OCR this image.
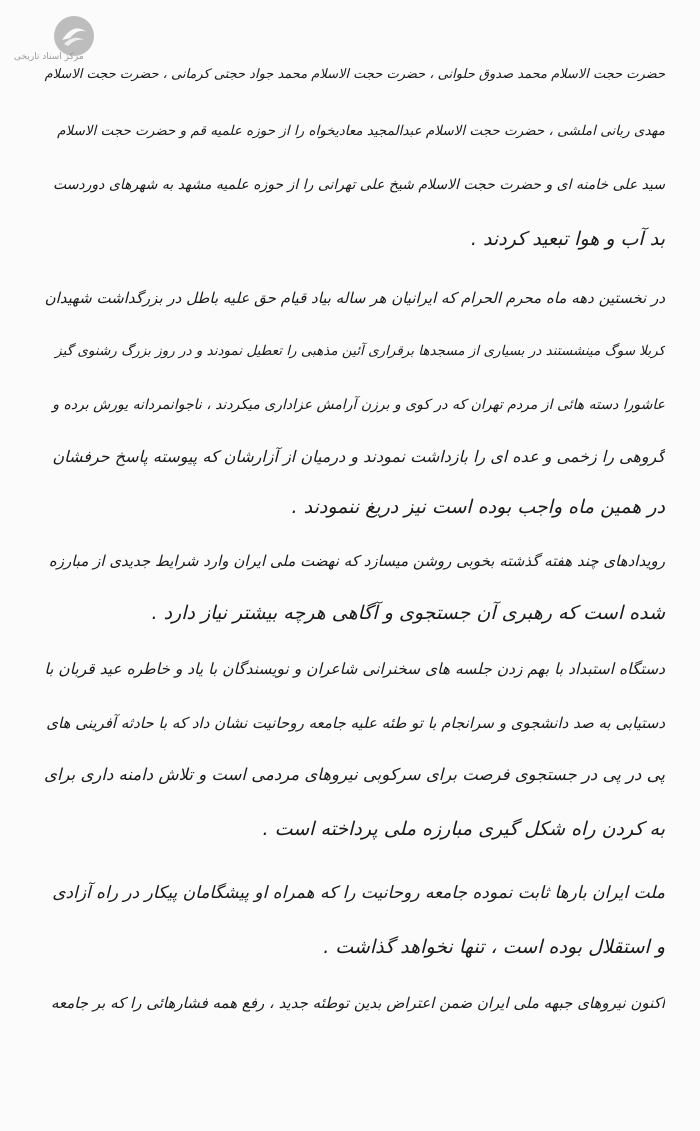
مرکز اسناد تاریخی
حضرت حجت الاسلام محمد صدوق حلوانی ، حضرت حجت الاسلام محمد جواد حجتی کرمانی ، حضرت حجت الاسلام
مهدی ربانی املشی ، حضرت حجت الاسلام عبدالمجید معادیخواه را از حوزه علمیه قم و حضرت حجت الاسلام
سید علی خامنه ای و حضرت حجت الاسلام شیخ علی تهرانی را از حوزه علمیه مشهد به شهرهای دوردست
بد آب و هوا تبعید کردند .
در نخستین دهه ماه محرم الحرام که ایرانیان هر ساله بیاد قیام حق علیه باطل در بزرگداشت شهیدان
کربلا سوگ مینشستند در بسیاری از مسجدها برقراری آئین مذهبی را تعطیل نمودند و در روز بزرگ رشنوی گیز
عاشورا دسته هائی از مردم تهران که در کوی و برزن آرامش عزاداری میکردند ، ناجوانمردانه یورش برده و
گروهی را زخمی و عده ای را بازداشت نمودند و درمیان از آزارشان که پیوسته پاسخ حرفشان
در همین ماه واجب بوده است نیز دریغ ننمودند .
رویدادهای چند هفته گذشته بخوبی روشن میسازد که نهضت ملی ایران وارد شرایط جدیدی از مبارزه
شده است که رهبری آن جستجوی و آگاهی هرچه بیشتر نیاز دارد .
دستگاه استبداد با بهم زدن جلسه های سخنرانی شاعران و نویسندگان با یاد و خاطره عید قربان با
دستیابی به صد دانشجوی و سرانجام با تو طئه علیه جامعه روحانیت نشان داد که با حادثه آفرینی های
پی در پی در جستجوی فرصت برای سرکوبی نیروهای مردمی است و تلاش دامنه داری برای
به کردن راه شکل گیری مبارزه ملی پرداخته است .
ملت ایران بارها ثابت نموده جامعه روحانیت را که همراه او پیشگامان پیکار در راه آزادی
و استقلال بوده است ، تنها نخواهد گذاشت .
اکنون نیروهای جبهه ملی ایران ضمن اعتراض بدین توطئه جدید ، رفع همه فشارهائی را که بر جامعه
